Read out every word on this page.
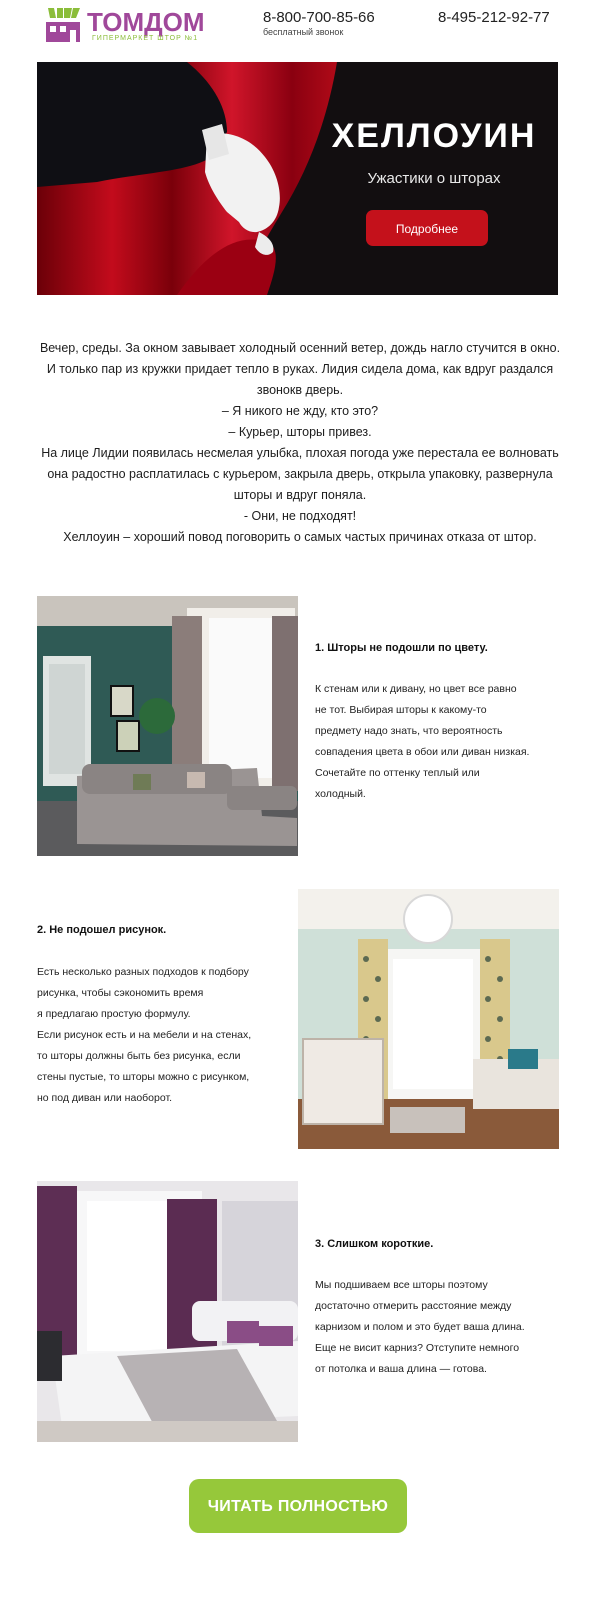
ТОМДОМ
ГИПЕРМАРКЕТ ШТОР №1
8-800-700-85-66
бесплатный звонок
8-495-212-92-77
ХЕЛЛОУИН
Ужастики о шторах
Подробнее

Вечер, среды. За окном завывает холодный осенний ветер, дождь нагло стучится в окно.

И только пар из кружки придает тепло в руках. Лидия сидела дома, как вдруг раздался

звонокв дверь.

– Я никого не жду, кто это?

– Курьер, шторы привез.

На лице Лидии появилась несмелая улыбка, плохая погода уже перестала ее волновать

она радостно расплатилась с курьером, закрыла дверь, открыла упаковку, развернула

шторы и вдруг поняла.

- Они, не подходят!

Хеллоуин – хороший повод поговорить о самых частых причинах отказа от штор.

1. Шторы не подошли по цвету.

К стенам или к дивану, но цвет все равно

не тот. Выбирая шторы к какому-то

предмету надо знать, что вероятность

совпадения цвета в обои или диван низкая.

Сочетайте по оттенку теплый или

холодный.

2. Не подошел рисунок.

Есть несколько разных подходов к подбору

рисунка, чтобы сэкономить время

я предлагаю простую формулу.

Если рисунок есть и на мебели и на стенах,

то шторы должны быть без рисунка, если

стены пустые, то шторы можно с рисунком,

но под диван или наоборот.

3. Слишком короткие.

Мы подшиваем все шторы поэтому

достаточно отмерить расстояние между

карнизом и полом и это будет ваша длина.

Еще не висит карниз? Отступите немного

от потолка и ваша длина — готова.

ЧИТАТЬ ПОЛНОСТЬЮ
